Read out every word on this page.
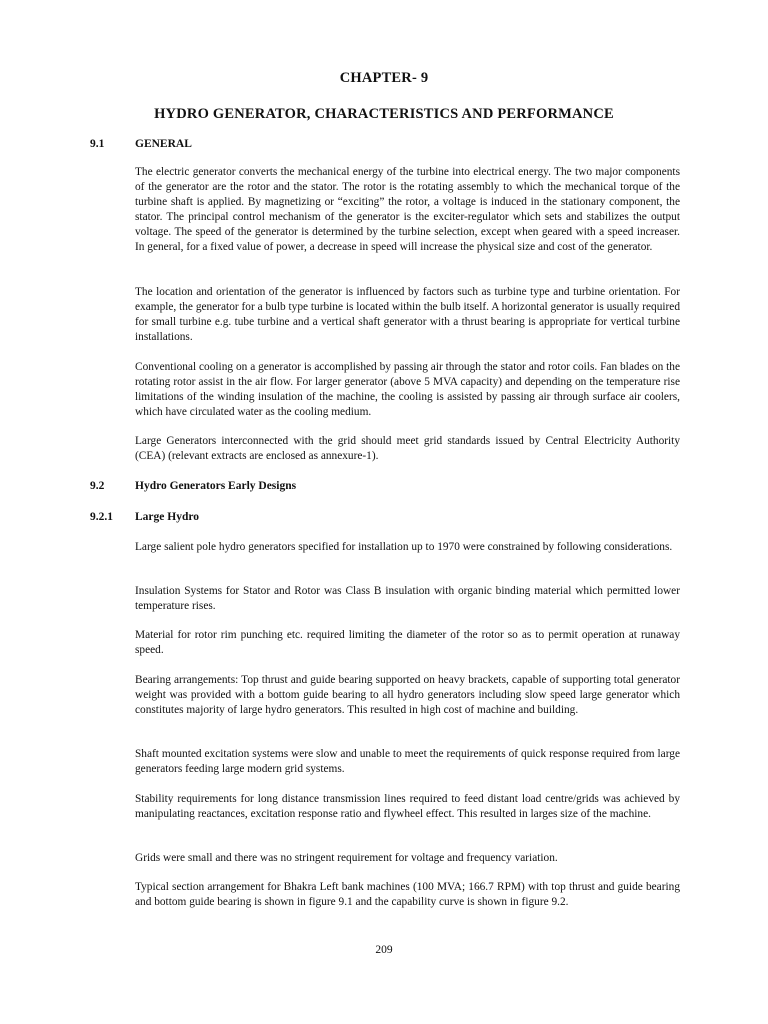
CHAPTER- 9
HYDRO GENERATOR, CHARACTERISTICS AND PERFORMANCE
9.1	GENERAL

The electric generator converts the mechanical energy of the turbine into electrical energy. The two major components of the generator are the rotor and the stator. The rotor is the rotating assembly to which the mechanical torque of the turbine shaft is applied. By magnetizing or “exciting” the rotor, a voltage is induced in the stationary component, the stator. The principal control mechanism of the generator is the exciter-regulator which sets and stabilizes the output voltage. The speed of the generator is determined by the turbine selection, except when geared with a speed increaser. In general, for a fixed value of power, a decrease in speed will increase the physical size and cost of the generator.

The location and orientation of the generator is influenced by factors such as turbine type and turbine orientation. For example, the generator for a bulb type turbine is located within the bulb itself. A horizontal generator is usually required for small turbine e.g. tube turbine and a vertical shaft generator with a thrust bearing is appropriate for vertical turbine installations.

Conventional cooling on a generator is accomplished by passing air through the stator and rotor coils. Fan blades on the rotating rotor assist in the air flow. For larger generator (above 5 MVA capacity) and depending on the temperature rise limitations of the winding insulation of the machine, the cooling is assisted by passing air through surface air coolers, which have circulated water as the cooling medium.

Large Generators interconnected with the grid should meet grid standards issued by Central Electricity Authority (CEA) (relevant extracts are enclosed as annexure-1).

9.2	Hydro Generators Early Designs
9.2.1 Large Hydro

Large salient pole hydro generators specified for installation up to 1970 were constrained by following considerations.

Insulation Systems for Stator and Rotor was Class B insulation with organic binding material which permitted lower temperature rises.

Material for rotor rim punching etc. required limiting the diameter of the rotor so as to permit operation at runaway speed.

Bearing arrangements: Top thrust and guide bearing supported on heavy brackets, capable of supporting total generator weight was provided with a bottom guide bearing to all hydro generators including slow speed large generator which constitutes majority of large hydro generators. This resulted in high cost of machine and building.

Shaft mounted excitation systems were slow and unable to meet the requirements of quick response required from large generators feeding large modern grid systems.

Stability requirements for long distance transmission lines required to feed distant load centre/grids was achieved by manipulating reactances, excitation response ratio and flywheel effect. This resulted in larges size of the machine.

Grids were small and there was no stringent requirement for voltage and frequency variation.

Typical section arrangement for Bhakra Left bank machines (100 MVA; 166.7 RPM) with top thrust and guide bearing and bottom guide bearing is shown in figure 9.1 and the capability curve is shown in figure 9.2.

209
